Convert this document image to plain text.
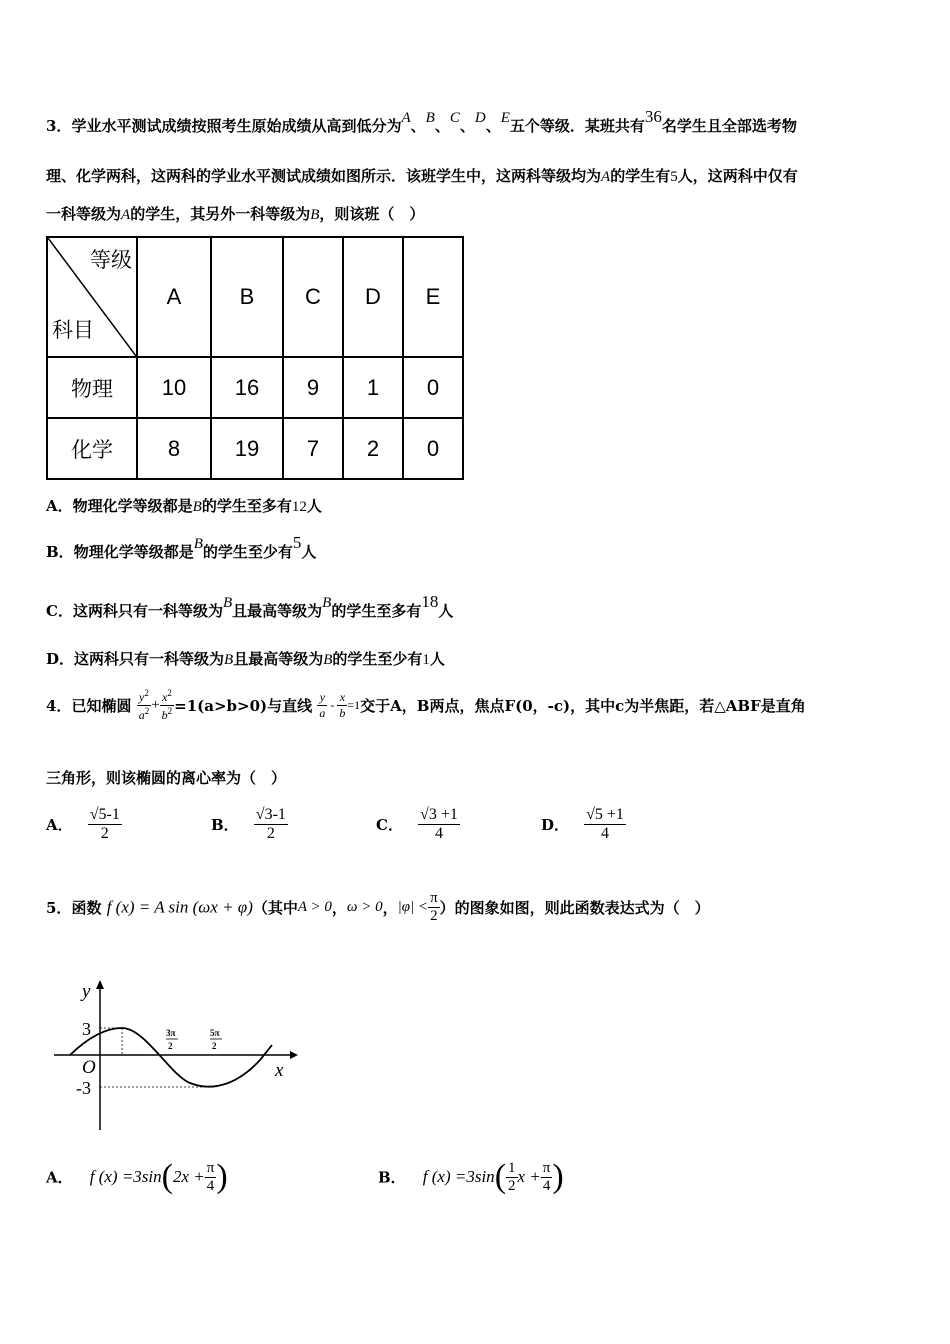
3．学业水平测试成绩按照考生原始成绩从高到低分为A、B、C、D、E五个等级．某班共有36名学生且全部选考物
理、化学两科，这两科的学业水平测试成绩如图所示．该班学生中，这两科等级均为A的学生有5人，这两科中仅有
一科等级为A的学生，其另外一科等级为B，则该班（　）
等级
科目	A	B	C	D	E
物理	10	16	9	1	0
化学	8	19	7	2	0
A．物理化学等级都是B的学生至多有12人
B．物理化学等级都是B的学生至少有5人
C．这两科只有一科等级为B且最高等级为B的学生至多有18人
D．这两科只有一科等级为B且最高等级为B的学生至少有1人
4．已知椭圆 $\frac{y^2}{a^2} + \frac{x^2}{b^2} =1(a>b>0)$与直线 $\frac{y}{a} - \frac{x}{b} =1$交于A，B两点，焦点F(0，-c)，其中c为半焦距，若△ABF是直角
三角形，则该椭圆的离心率为（　）
A． $\frac{√5-1}{2}$	B． $\frac{√3-1}{2}$	C． $\frac{√3 +1}{4}$	D． $\frac{√5 +1}{4}$
5．函数 f (x) = A sin (ωx + φ)（其中A > 0，ω > 0，$|\varphi| < \frac{\pi}{2}$ ）的图象如图，则此函数表达式为（　）
y
x
O
3
-3
3π
2
5π
2
A． f $(x) =3\sin(2x + \frac{\pi}{4}$ )	B． f $(x) =3\sin( \frac{1}{2}$ $x + \frac{\pi}{4}$ )
